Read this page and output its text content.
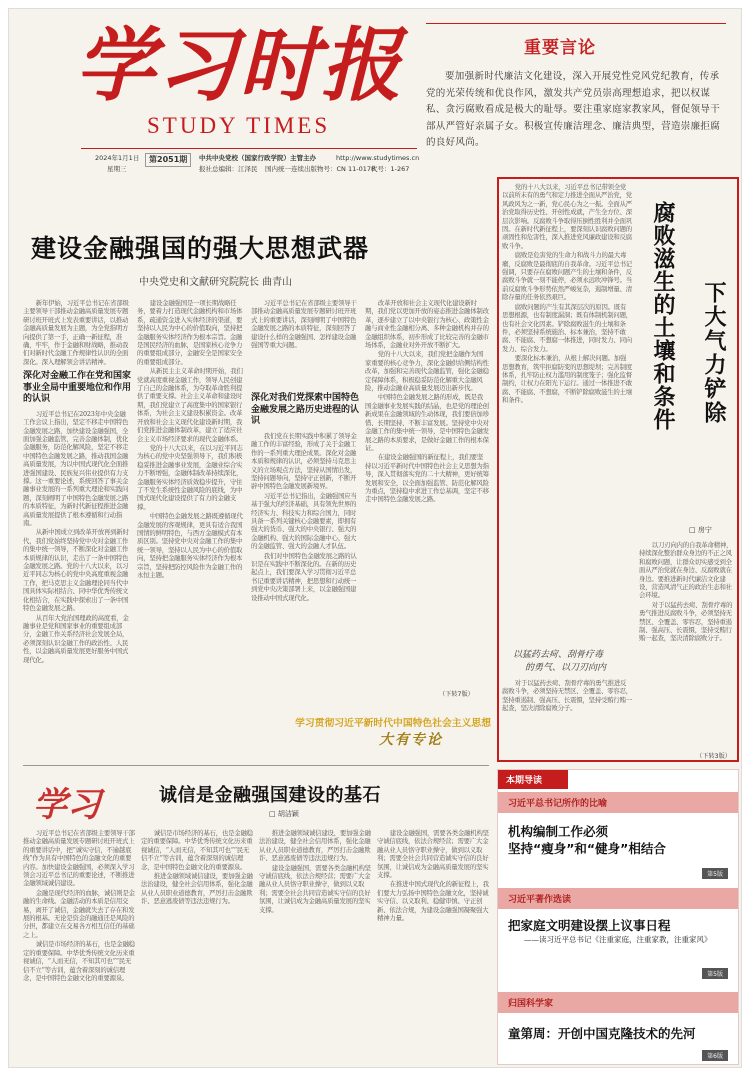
学习时报
STUDY TIMES
2024年1月1日
星期三
第2051期	中共中央党校（国家行政学院）主管主办	http://www.studytimes.cn
报社总编辑：江泽民 国内统一连续出版物号：CN 11-0178
代号：1-267
重要言论
要加强新时代廉洁文化建设，深入开展党性党风党纪教育，传承党的光荣传统和优良作风，激发共产党员崇高理想追求，把以权谋私、贪污腐败看成是极大的耻辱。要注重家庭家教家风，督促领导干部从严管好亲属子女。积极宣传廉洁理念、廉洁典型，营造崇廉拒腐的良好风尚。
建设金融强国的强大思想武器
中央党史和文献研究院院长 曲青山

新年伊始，习近平总书记在省部级主要领导干部推动金融高质量发展专题研讨班开班式上发表重要讲话，以推动金融高质量发展为主题，为全党指明方向提供了第一手，正确一新征程，准确，牢牢，作于金融和财战略，推动我们对新时代金融工作规律性认识的全面深化。深入理解领会讲话精神。

深化对金融工作在党和国家事业全局中重要地位和作用的认识

习近平总书记在2023年中央金融工作会议上指出，坚定不移走中国特色金融发展之路，加快建设金融强国，全面加强金融监管，完善金融体制，优化金融服务，防范化解风险，坚定不移走中国特色金融发展之路，推动我国金融高质量发展，为以中国式现代化全面推进强国建设、民族复兴伟业提供有力支撑。这一重要论述，系统回答了事关金融事业发展的一系列重大理论和实践问题，深刻阐明了中国特色金融发展之路的本质特征，为新时代新征程推进金融高质量发展提供了根本遵循和行动指南。

从新中国成立到改革开放再到新时代，我们党始终坚持党中央对金融工作的集中统一领导，不断深化对金融工作本质规律的认识，走出了一条中国特色金融发展之路。党的十八大以来，以习近平同志为核心的党中央高度重视金融工作，把马克思主义金融理论同当代中国具体实际相结合、同中华优秀传统文化相结合，在实践中探索出了一条中国特色金融发展之路。

从百年大党治国理政的高度看，金融事业是党和国家事业的重要组成部分，金融工作关系经济社会发展全局，必须深刻认识金融工作的政治性、人民性，以金融高质量发展更好服务中国式现代化。

建设金融强国是一项长期战略任务，要着力打造现代金融机构和市场体系，疏通资金进入实体经济的渠道，要坚持以人民为中心的价值取向，坚持把金融服务实体经济作为根本宗旨。金融是国民经济的血脉，是国家核心竞争力的重要组成部分，金融安全是国家安全的重要组成部分。

从新民主主义革命时期开始，我们党就高度重视金融工作，领导人民创建了自己的金融体系，为夺取革命胜利提供了重要支撑。社会主义革命和建设时期，我们党建立了高度集中的国家银行体系，为社会主义建设积累资金。改革开放和社会主义现代化建设新时期，我们党推进金融体制改革，建立了适应社会主义市场经济要求的现代金融体系。

党的十八大以来，在以习近平同志为核心的党中央坚强领导下，我们积极稳妥推进金融事业发展，金融业综合实力不断增强，金融体制改革持续深化，金融服务实体经济质效稳步提升，守住了不发生系统性金融风险的底线，为中国式现代化建设提供了有力的金融支撑。

中国特色金融发展之路既遵循现代金融发展的客观规律，更具有适合我国国情的鲜明特色，与西方金融模式有本质区别。坚持党中央对金融工作的集中统一领导，坚持以人民为中心的价值取向，坚持把金融服务实体经济作为根本宗旨，坚持把防控风险作为金融工作的永恒主题。

习近平总书记在省部级主要领导干部推动金融高质量发展专题研讨班开班式上的重要讲话，深刻阐明了中国特色金融发展之路的本质特征，深刻回答了建设什么样的金融强国、怎样建设金融强国等重大问题。

深化对我们党探索中国特色金融发展之路历史进程的认识

我们党在长期实践中积累了领导金融工作的丰富经验，形成了关于金融工作的一系列重大理论成果。深化对金融本质和规律的认识，必须坚持马克思主义的立场观点方法，坚持从国情出发，坚持问题导向，坚持守正创新，不断开辟中国特色金融发展新境界。

习近平总书记指出，金融强国应当基于强大的经济基础，具有领先世界的经济实力、科技实力和综合国力，同时具备一系列关键核心金融要素，即拥有强大的货币、强大的中央银行、强大的金融机构、强大的国际金融中心、强大的金融监管、强大的金融人才队伍。

我们对中国特色金融发展之路的认识是在实践中不断深化的。在新的历史起点上，我们要深入学习贯彻习近平总书记重要讲话精神，把思想和行动统一到党中央决策部署上来，以金融强国建设推动中国式现代化。

改革开放和社会主义现代化建设新时期，我们党以更加开放的姿态推进金融体制改革，逐步建立了以中央银行为核心、政策性金融与商业性金融相分离、多种金融机构并存的金融组织体系，初步形成了比较完善的金融市场体系，金融业对外开放不断扩大。

党的十八大以来，我们党把金融作为国家重要的核心竞争力，深化金融供给侧结构性改革，加强和完善现代金融监管，强化金融稳定保障体系，积极稳妥防范化解重大金融风险，推动金融业高质量发展迈出新步伐。

中国特色金融发展之路的形成，既是我国金融事业发展实践的结晶，也是党的理论创新成果在金融领域的生动体现，我们要倍加珍惜、长期坚持、不断丰富发展。坚持党中央对金融工作的集中统一领导，是中国特色金融发展之路的本质要求，是做好金融工作的根本保证。

在建设金融强国的新征程上，我们要坚持以习近平新时代中国特色社会主义思想为指导，深入贯彻落实党的二十大精神，更好统筹发展和安全，以全面加强监管、防范化解风险为重点，坚持稳中求进工作总基调，坚定不移走中国特色金融发展之路。

（下转7版）
学习贯彻习近平新时代中国特色社会主义思想
大有专论

党的十八大以来，习近平总书记带领全党以前所未有的勇气和定力推进全面从严治党，党风政风为之一新，党心民心为之一振。全面从严治党取得历史性、开创性成就，产生全方位、深层次影响。反腐败斗争取得压倒性胜利并全面巩固。在新时代新征程上，要深刻认识腐败问题的顽固性和危害性，深入推进党风廉政建设和反腐败斗争。

腐败是危害党的生命力和战斗力的最大毒瘤，反腐败是最彻底的自我革命。习近平总书记强调，只要存在腐败问题产生的土壤和条件，反腐败斗争就一刻不能停，必须永远吹冲锋号。当前反腐败斗争形势依然严峻复杂，遏制增量、清除存量的任务依然艰巨。

腐败问题的产生有其深层次的原因。既有思想根源，也有制度漏洞；既有体制机制问题，也有社会文化因素。铲除腐败滋生的土壤和条件，必须坚持系统施治、标本兼治，坚持不敢腐、不能腐、不想腐一体推进，同时发力、同向发力、综合发力。

要深化标本兼治，从根上解决问题。加强思想教育，筑牢拒腐防变的思想堤坝；完善制度体系，扎牢防止权力滥用的制度笼子；强化监督制约，让权力在阳光下运行。通过一体推进不敢腐、不能腐、不想腐，不断铲除腐败滋生的土壤和条件。	下大气力铲除
腐败滋生的土壤和条件
□ 房宁
以猛药去疴、刮骨疗毒
的勇气、以刀刃向内

对于以猛药去疴、刮骨疗毒的勇气推进反腐败斗争，必须坚持无禁区、全覆盖、零容忍，坚持重遏制、强高压、长震慑，坚持受贿行贿一起查，坚决清除腐败分子。

以刀刃向内的自我革命精神，持续深化整治群众身边的不正之风和腐败问题，让群众切实感受到全面从严治党就在身边、反腐败就在身边。要推进新时代廉洁文化建设，营造风清气正的政治生态和社会环境。

对于以猛药去疴、刮骨疗毒的勇气推进反腐败斗争，必须坚持无禁区、全覆盖、零容忍，坚持重遏制、强高压、长震慑，坚持受贿行贿一起查，坚决清除腐败分子。

（下转3版）
学习	诚信是金融强国建设的基石
□ 胡洁颖

习近平总书记在省部级主要领导干部推动金融高质量发展专题研讨班开班式上的重要讲话中，把“诚实守信，不逾越底线”作为具有中国特色的金融文化的重要内容。加快建设金融强国，必须深入学习领会习近平总书记的重要论述，不断推进金融领域诚信建设。

金融是现代经济的血脉，诚信则是金融的生命线。金融活动的本质是信用交易，离开了诚信，金融就失去了存在和发展的根基。无论是资金的融通还是风险的分担，都建立在交易各方相互信任的基础之上。

诚信是市场经济的基石，也是金融稳定的重要保障。中华优秀传统文化历来重视诚信，“人而无信，不知其可也”“民无信不立”等古训，蕴含着深刻的诚信理念，是中国特色金融文化的重要源泉。

诚信是市场经济的基石，也是金融稳定的重要保障。中华优秀传统文化历来重视诚信，“人而无信，不知其可也”“民无信不立”等古训，蕴含着深刻的诚信理念，是中国特色金融文化的重要源泉。

推进金融领域诚信建设，要加强金融法治建设，健全社会信用体系，强化金融从业人员职业道德教育，严厉打击金融欺诈、恶意逃废债等违法违规行为。

推进金融领域诚信建设，要加强金融法治建设，健全社会信用体系，强化金融从业人员职业道德教育，严厉打击金融欺诈、恶意逃废债等违法违规行为。

建设金融强国，需要各类金融机构坚守诚信底线，依法合规经营；需要广大金融从业人员恪守职业操守，做到以义取利；需要全社会共同营造诚实守信的良好氛围，让诚信成为金融高质量发展的坚实支撑。

建设金融强国，需要各类金融机构坚守诚信底线，依法合规经营；需要广大金融从业人员恪守职业操守，做到以义取利；需要全社会共同营造诚实守信的良好氛围，让诚信成为金融高质量发展的坚实支撑。

在推进中国式现代化的新征程上，我们要大力弘扬中国特色金融文化，坚持诚实守信、以义取利、稳健审慎、守正创新、依法合规，为建设金融强国凝聚强大精神力量。

本期导读
习近平总书记所作的比喻
机构编制工作必须
坚持“瘦身”和“健身”相结合
第5版
习近平著作选读
把家庭文明建设摆上议事日程
——读习近平总书记《注重家庭，注重家教，注重家风》
第5版
归国科学家
童第周：开创中国克隆技术的先河
第6版
